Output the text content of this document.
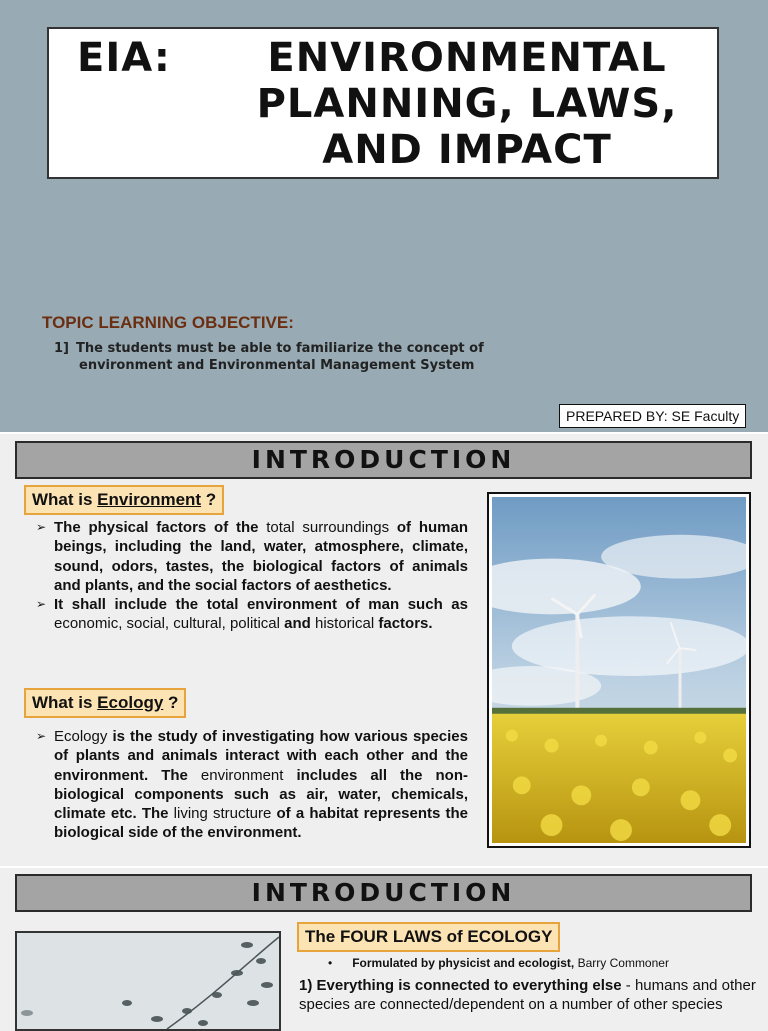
EIA:	ENVIRONMENTAL
PLANNING, LAWS,
AND IMPACT
TOPIC LEARNING OBJECTIVE:
1] The students must be able to familiarize the concept of
environment and Environmental Management System
PREPARED BY: SE Faculty
INTRODUCTION
What is Environment ?

➢ The physical factors of the total surroundings of human beings, including the land, water, atmosphere, climate, sound, odors, tastes, the biological factors of animals and plants, and the social factors of aesthetics.

➢ It shall include the total environment of man such as economic, social, cultural, political and historical factors.

What is Ecology ?

➢ Ecology is the study of investigating how various species of plants and animals interact with each other and the environment. The environment includes all the non-biological components such as air, water, chemicals, climate etc. The living structure of a habitat represents the biological side of the environment.

INTRODUCTION
The FOUR LAWS of ECOLOGY
•      Formulated by physicist and ecologist, Barry Commoner
1) Everything is connected to everything else - humans and other species are connected/dependent on a number of other species
